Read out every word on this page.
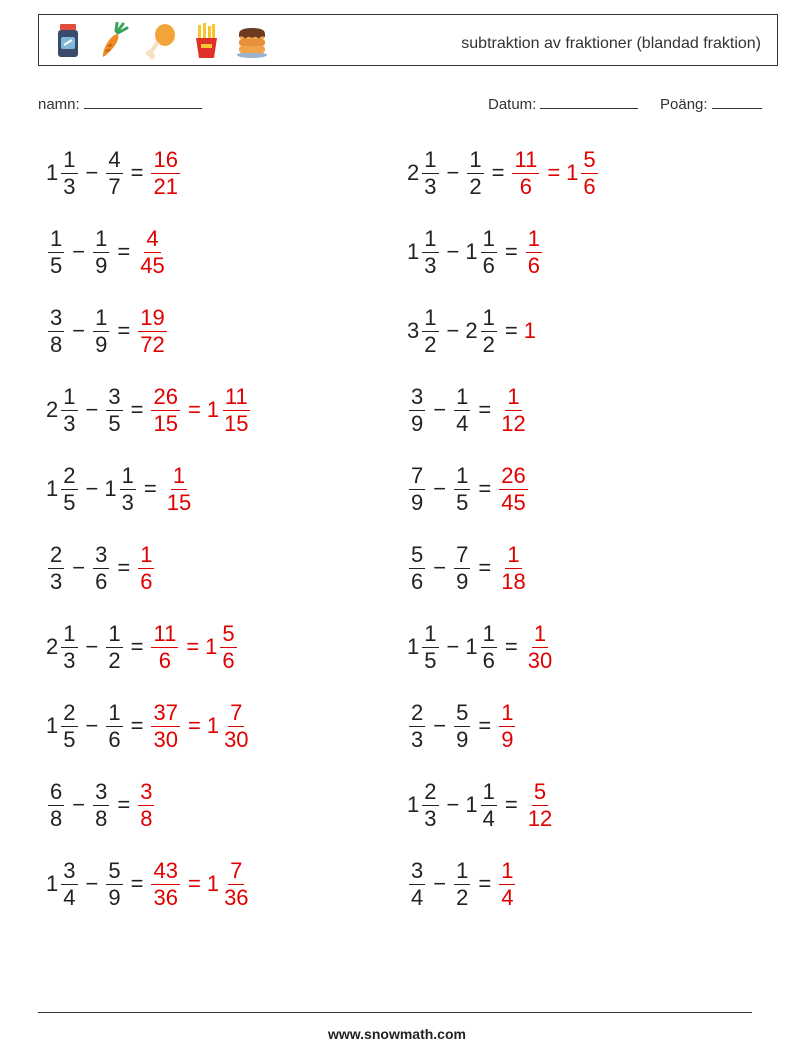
subtraktion av fraktioner (blandad fraktion)
namn:	Datum:	Poäng:
$1 \frac{1}{3} - \frac{4}{7} = \frac{16}{21}$	$2 \frac{1}{3} - \frac{1}{2} = \frac{11}{6} = 1 \frac{5}{6}$
$\frac{1}{5} - \frac{1}{9} = \frac{4}{45}$	$1 \frac{1}{3} - 1 \frac{1}{6} = \frac{1}{6}$
$\frac{3}{8} - \frac{1}{9} = \frac{19}{72}$	$3 \frac{1}{2} - 2 \frac{1}{2} = 1$
$2 \frac{1}{3} - \frac{3}{5} = \frac{26}{15} = 1 \frac{11}{15}$	$\frac{3}{9} - \frac{1}{4} = \frac{1}{12}$
$1 \frac{2}{5} - 1 \frac{1}{3} = \frac{1}{15}$	$\frac{7}{9} - \frac{1}{5} = \frac{26}{45}$
$\frac{2}{3} - \frac{3}{6} = \frac{1}{6}$	$\frac{5}{6} - \frac{7}{9} = \frac{1}{18}$
$2 \frac{1}{3} - \frac{1}{2} = \frac{11}{6} = 1 \frac{5}{6}$	$1 \frac{1}{5} - 1 \frac{1}{6} = \frac{1}{30}$
$1 \frac{2}{5} - \frac{1}{6} = \frac{37}{30} = 1 \frac{7}{30}$	$\frac{2}{3} - \frac{5}{9} = \frac{1}{9}$
$\frac{6}{8} - \frac{3}{8} = \frac{3}{8}$	$1 \frac{2}{3} - 1 \frac{1}{4} = \frac{5}{12}$
$1 \frac{3}{4} - \frac{5}{9} = \frac{43}{36} = 1 \frac{7}{36}$	$\frac{3}{4} - \frac{1}{2} = \frac{1}{4}$
www.snowmath.com
